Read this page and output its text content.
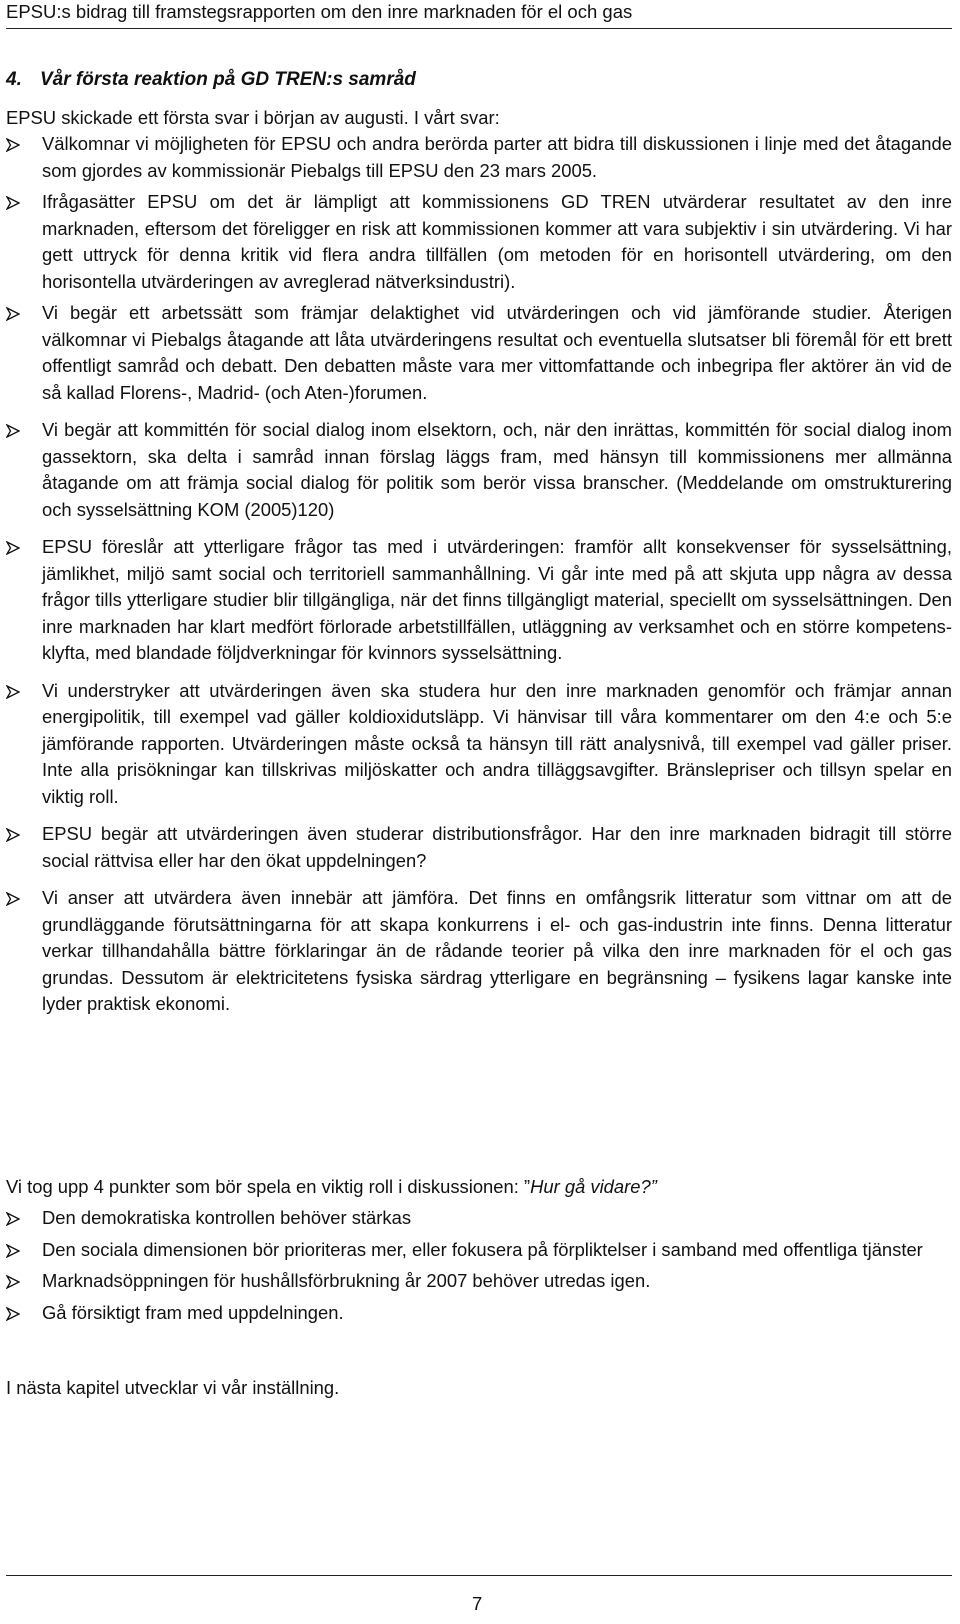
EPSU:s bidrag till framstegsrapporten om den inre marknaden för el och gas
4. Vår första reaktion på GD TREN:s samråd
EPSU skickade ett första svar i början av augusti. I vårt svar:
Välkomnar vi möjligheten för EPSU och andra berörda parter att bidra till diskussionen i linje med det åtagande som gjordes av kommissionär Piebalgs till EPSU den 23 mars 2005.
Ifrågasätter EPSU om det är lämpligt att kommissionens GD TREN utvärderar resultatet av den inre marknaden, eftersom det föreligger en risk att kommissionen kommer att vara subjektiv i sin utvärdering. Vi har gett uttryck för denna kritik vid flera andra tillfällen (om metoden för en horisontell utvärdering, om den horisontella utvärderingen av avreglerad nätverksindustri).
Vi begär ett arbetssätt som främjar delaktighet vid utvärderingen och vid jämförande studier. Återigen välkomnar vi Piebalgs åtagande att låta utvärderingens resultat och eventuella slutsatser bli föremål för ett brett offentligt samråd och debatt. Den debatten måste vara mer vittomfattande och inbegripa fler aktörer än vid de så kallad Florens-, Madrid- (och Aten-)forumen.
Vi begär att kommittén för social dialog inom elsektorn, och, när den inrättas, kommittén för social dialog inom gassektorn, ska delta i samråd innan förslag läggs fram, med hänsyn till kommissionens mer allmänna åtagande om att främja social dialog för politik som berör vissa branscher. (Meddelande om omstrukturering och sysselsättning KOM (2005)120)
EPSU föreslår att ytterligare frågor tas med i utvärderingen: framför allt konsekvenser för sysselsättning, jämlikhet, miljö samt social och territoriell sammanhållning. Vi går inte med på att skjuta upp några av dessa frågor tills ytterligare studier blir tillgängliga, när det finns tillgängligt material, speciellt om sysselsättningen. Den inre marknaden har klart medfört förlorade arbetstillfällen, utläggning av verksamhet och en större kompetens-klyfta, med blandade följdverkningar för kvinnors sysselsättning.
Vi understryker att utvärderingen även ska studera hur den inre marknaden genomför och främjar annan energipolitik, till exempel vad gäller koldioxidutsläpp. Vi hänvisar till våra kommentarer om den 4:e och 5:e jämförande rapporten. Utvärderingen måste också ta hänsyn till rätt analysnivå, till exempel vad gäller priser. Inte alla prisökningar kan tillskrivas miljöskatter och andra tilläggsavgifter. Bränslepriser och tillsyn spelar en viktig roll.
EPSU begär att utvärderingen även studerar distributionsfrågor. Har den inre marknaden bidragit till större social rättvisa eller har den ökat uppdelningen?
Vi anser att utvärdera även innebär att jämföra. Det finns en omfångsrik litteratur som vittnar om att de grundläggande förutsättningarna för att skapa konkurrens i el- och gas-industrin inte finns. Denna litteratur verkar tillhandahålla bättre förklaringar än de rådande teorier på vilka den inre marknaden för el och gas grundas. Dessutom är elektricitetens fysiska särdrag ytterligare en begränsning – fysikens lagar kanske inte lyder praktisk ekonomi.
Vi tog upp 4 punkter som bör spela en viktig roll i diskussionen: ”Hur gå vidare?”
Den demokratiska kontrollen behöver stärkas
Den sociala dimensionen bör prioriteras mer, eller fokusera på förpliktelser i samband med offentliga tjänster
Marknadsöppningen för hushållsförbrukning år 2007 behöver utredas igen.
Gå försiktigt fram med uppdelningen.
I nästa kapitel utvecklar vi vår inställning.
7
